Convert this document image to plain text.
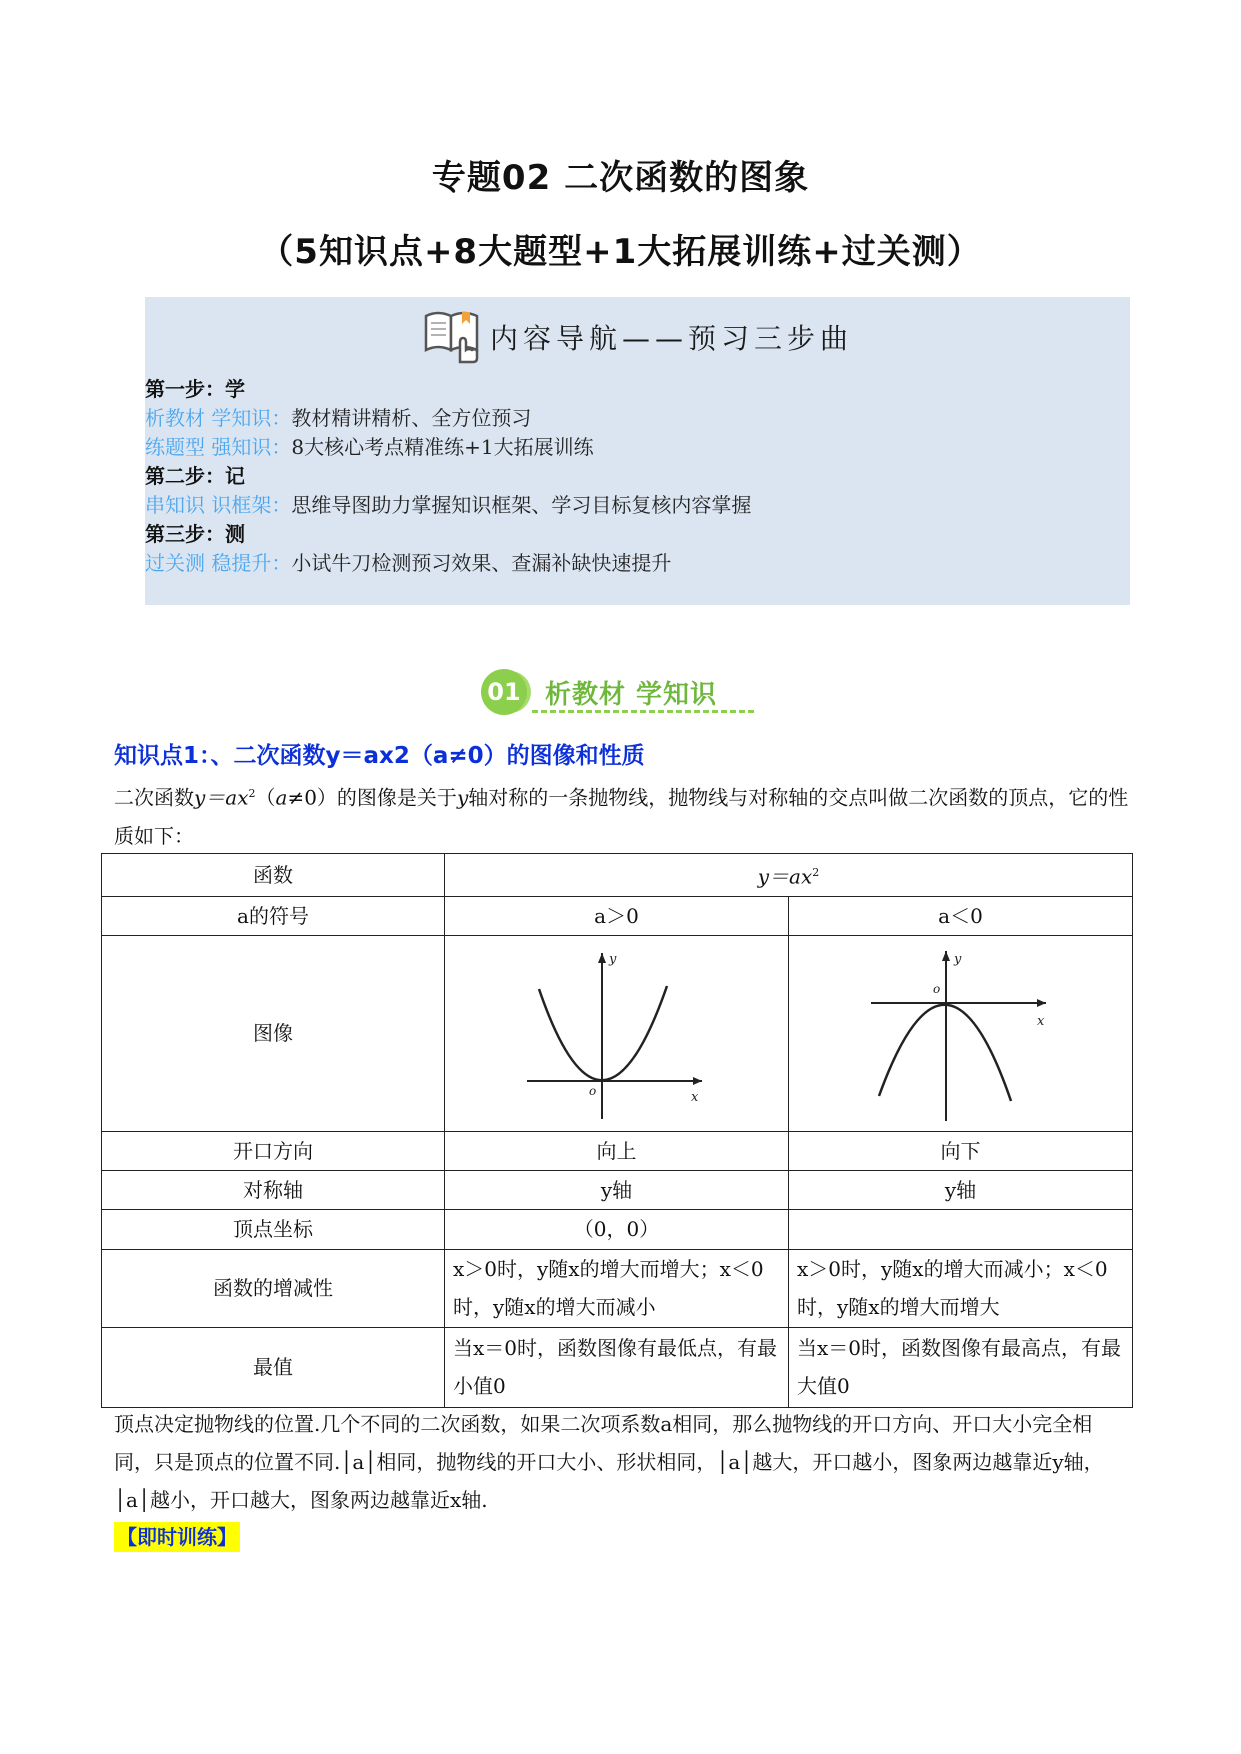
专题02 二次函数的图象
（5知识点+8大题型+1大拓展训练+过关测）
内容导航——预习三步曲
第一步：学
析教材 学知识：教材精讲精析、全方位预习
练题型 强知识：8大核心考点精准练+1大拓展训练
第二步：记
串知识 识框架：思维导图助力掌握知识框架、学习目标复核内容掌握
第三步：测
过关测 稳提升：小试牛刀检测预习效果、查漏补缺快速提升
01 析教材 学知识
知识点1：、二次函数y＝ax2（a≠0）的图像和性质
二次函数$y=ax^2(a\ne 0)$的图像是关于y轴对称的一条抛物线，抛物线与对称轴的交点叫做二次函数的顶点，它的性质如下：
函数	$y=ax^2$
a的符号	a＞0	a＜0
图像	y
x
o	y
x
o

开口方向	向上	向下
对称轴	y轴	y轴
顶点坐标	（0，0）	
函数的增减性	x＞0时，y随x的增大而增大；x＜0时，y随x的增大而减小	x＞0时，y随x的增大而减小；x＜0时，y随x的增大而增大
最值	当x＝0时，函数图像有最低点，有最小值0	当x＝0时，函数图像有最高点，有最大值0
顶点决定抛物线的位置.几个不同的二次函数，如果二次项系数a相同，那么抛物线的开口方向、开口大小完全相同，只是顶点的位置不同.│a│相同，抛物线的开口大小、形状相同，│a│越大，开口越小，图象两边越靠近y轴，│a│越小，开口越大，图象两边越靠近x轴.
【即时训练】
